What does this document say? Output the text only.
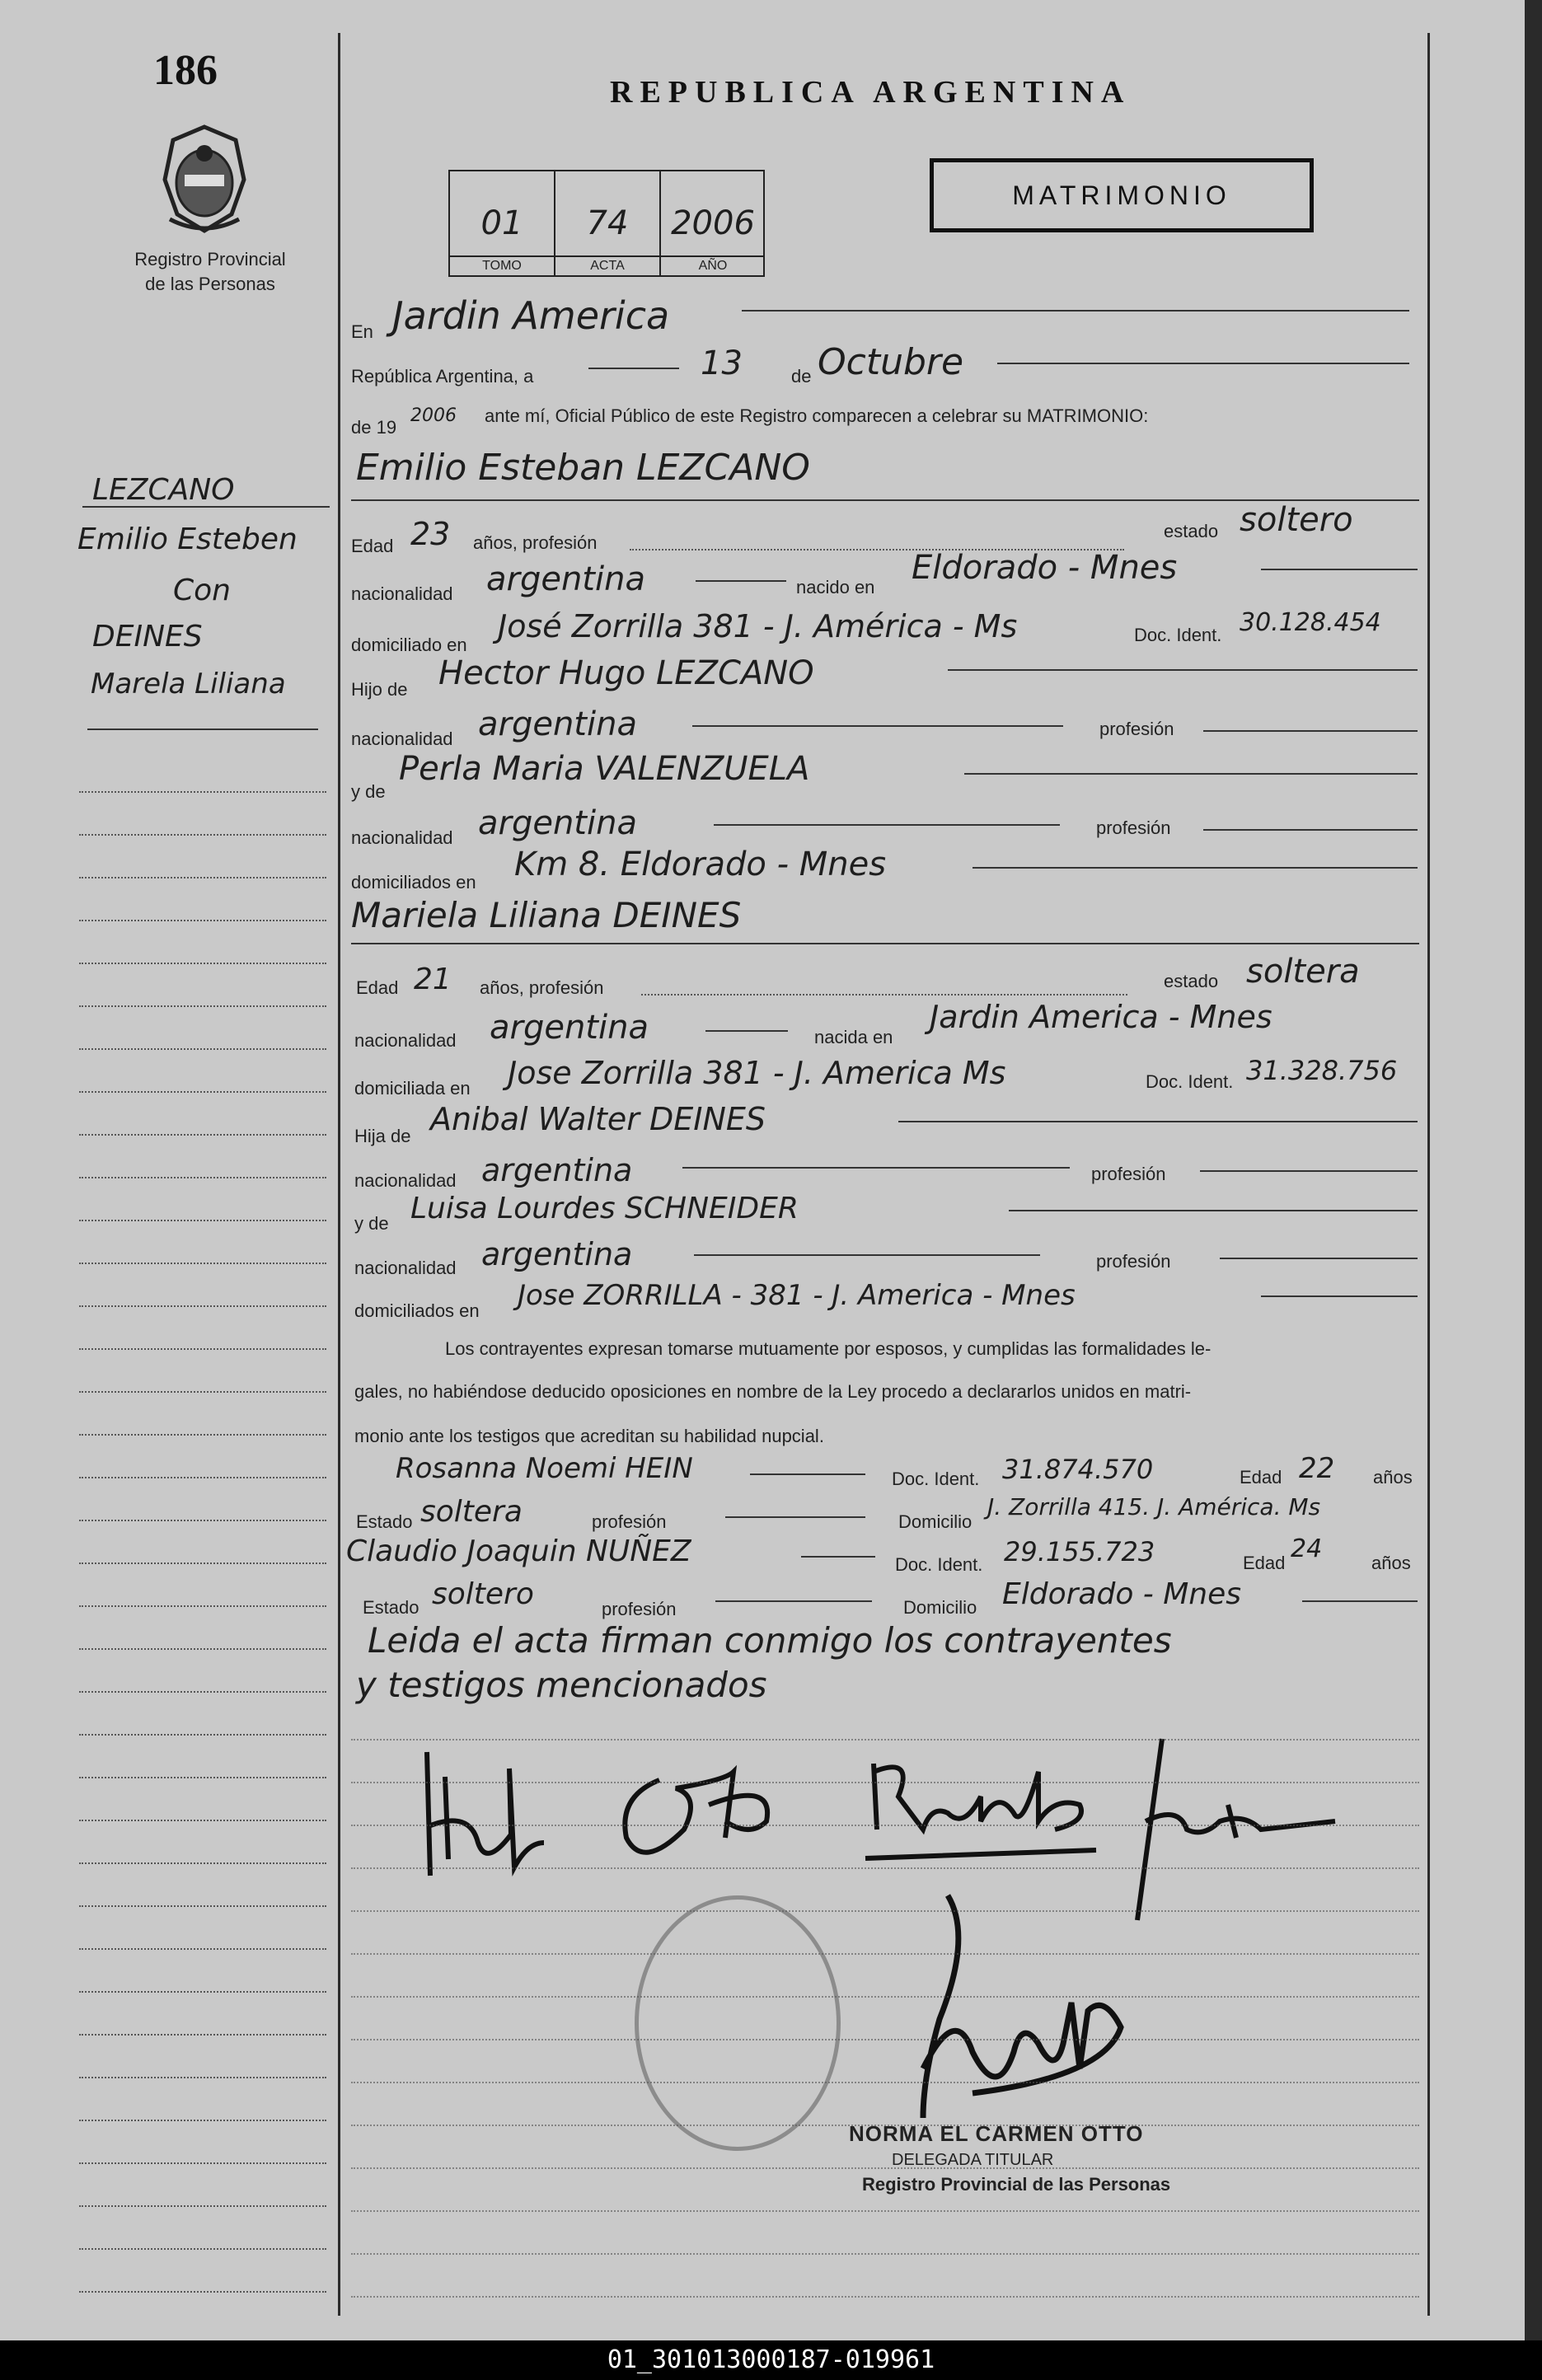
186
Registro Provincial
de las Personas
REPUBLICA ARGENTINA
MATRIMONIO
01
TOMO
74
ACTA
2006
AÑO
LEZCANO
Emilio Esteben
Con
DEINES
Marela Liliana
En Jardin America
República Argentina, a	13	de Octubre
de 19
2006 ante mí, Oficial Público de este Registro comparecen a celebrar su MATRIMONIO:
Emilio Esteban LEZCANO
Edad 23 años, profesión
estado soltero
nacionalidad argentina	nacido en
Eldorado - Mnes
domiciliado en
José Zorrilla 381 - J. América - Ms	Doc. Ident. 30.128.454
Hijo de Hector Hugo LEZCANO
nacionalidad argentina	profesión
y de
Perla Maria VALENZUELA
nacionalidad argentina	profesión
domiciliados en Km 8. Eldorado - Mnes
Mariela Liliana DEINES
Edad 21 años, profesión	estado soltera
nacionalidad argentina	nacida en
Jardin America - Mnes
domiciliada en Jose Zorrilla 381 - J. America Ms	Doc. Ident. 31.328.756
Hija de Anibal Walter DEINES
nacionalidad argentina	profesión
y de Luisa Lourdes SCHNEIDER
nacionalidad argentina	profesión
domiciliados en Jose ZORRILLA - 381 - J. America - Mnes
Los contrayentes expresan tomarse mutuamente por esposos, y cumplidas las formalidades le-
gales, no habiéndose deducido oposiciones en nombre de la Ley procedo a declararlos unidos en matri-
monio ante los testigos que acreditan su habilidad nupcial.
Rosanna Noemi HEIN	Doc. Ident. 31.874.570	Edad 22 años
Estado soltera	profesión	Domicilio
J. Zorrilla 415. J. América. Ms
Claudio Joaquin NUÑEZ	Doc. Ident. 29.155.723	Edad 24	años
Estado soltero	profesión	Domicilio Eldorado - Mnes
Leida el acta firman conmigo los contrayentes
y testigos mencionados
NORMA EL CARMEN OTTO
DELEGADA TITULAR
Registro Provincial de las Personas
01_301013000187-019961
